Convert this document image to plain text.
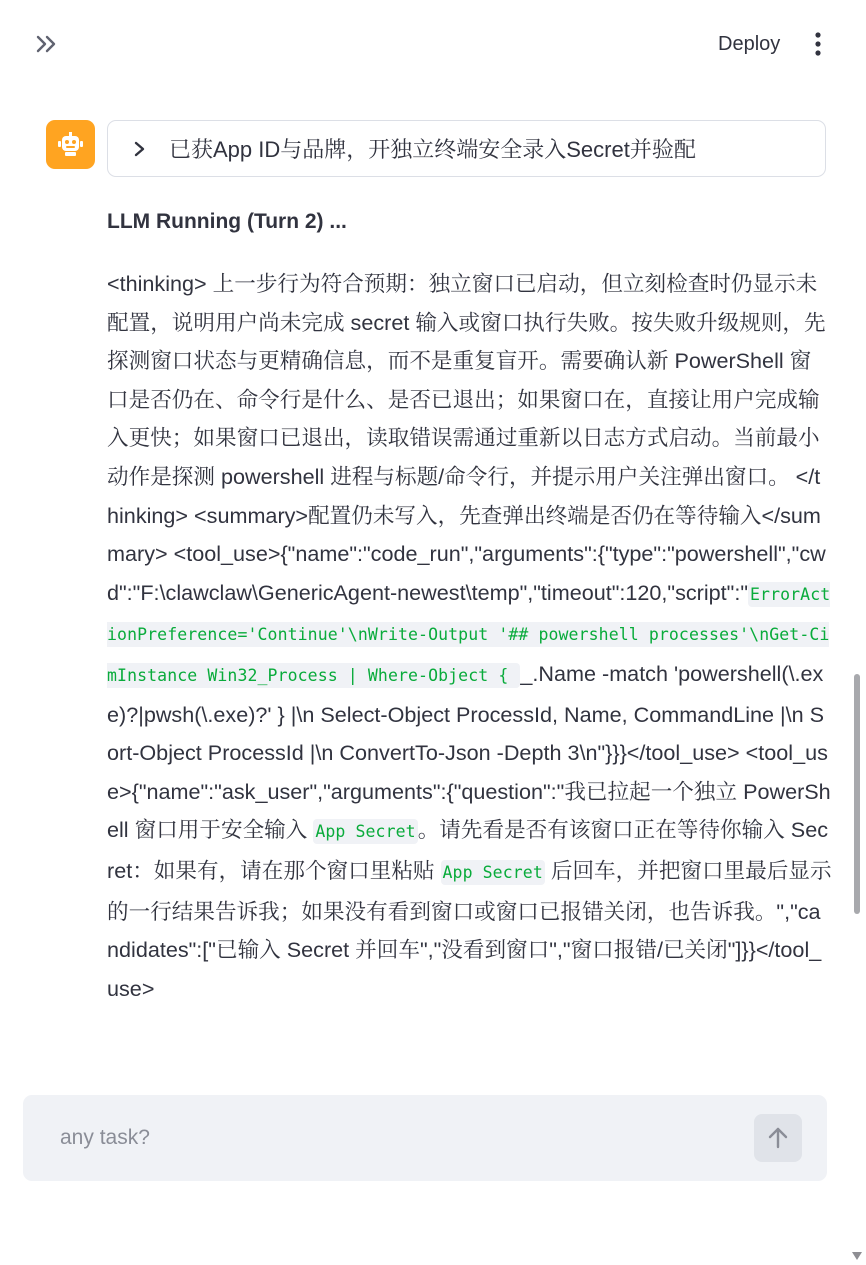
Deploy
已获App ID与品牌，开独立终端安全录入Secret并验配
LLM Running (Turn 2) ...

<thinking> 上一步行为符合预期：独立窗口已启动，但立刻检查时仍显示未配置，说明用户尚未完成 secret 输入或窗口执行失败。按失败升级规则，先探测窗口状态与更精确信息，而不是重复盲开。需要确认新 PowerShell 窗口是否仍在、命令行是什么、是否已退出；如果窗口在，直接让用户完成输入更快；如果窗口已退出，读取错误需通过重新以日志方式启动。当前最小动作是探测 powershell 进程与标题/命令行，并提示用户关注弹出窗口。 </thinking> <summary>配置仍未写入，先查弹出终端是否仍在等待输入</summary> <tool_use>{"name":"code_run","arguments":{"type":"powershell","cwd":"F:\clawclaw\GenericAgent-newest\temp","timeout":120,"script":" ErrorActionPreference='Continue'\nWrite-Output '## powershell processes'\nGet-CimInstance Win32_Process | Where-Object { _.Name -match 'powershell(\.exe)?|pwsh(\.exe)?' } |\n Select-Object ProcessId, Name, CommandLine |\n Sort-Object ProcessId |\n ConvertTo-Json -Depth 3\n"}}}</tool_use> <tool_use>{"name":"ask_user","arguments":{"question":"我已拉起一个独立 PowerShell 窗口用于安全输入 App Secret。请先看是否有该窗口正在等待你输入 Secret：如果有，请在那个窗口里粘贴 App Secret 后回车，并把窗口里最后显示的一行结果告诉我；如果没有看到窗口或窗口已报错关闭，也告诉我。","candidates":["已输入 Secret 并回车","没看到窗口","窗口报错/已关闭"]}}</tool_use>

any task?
